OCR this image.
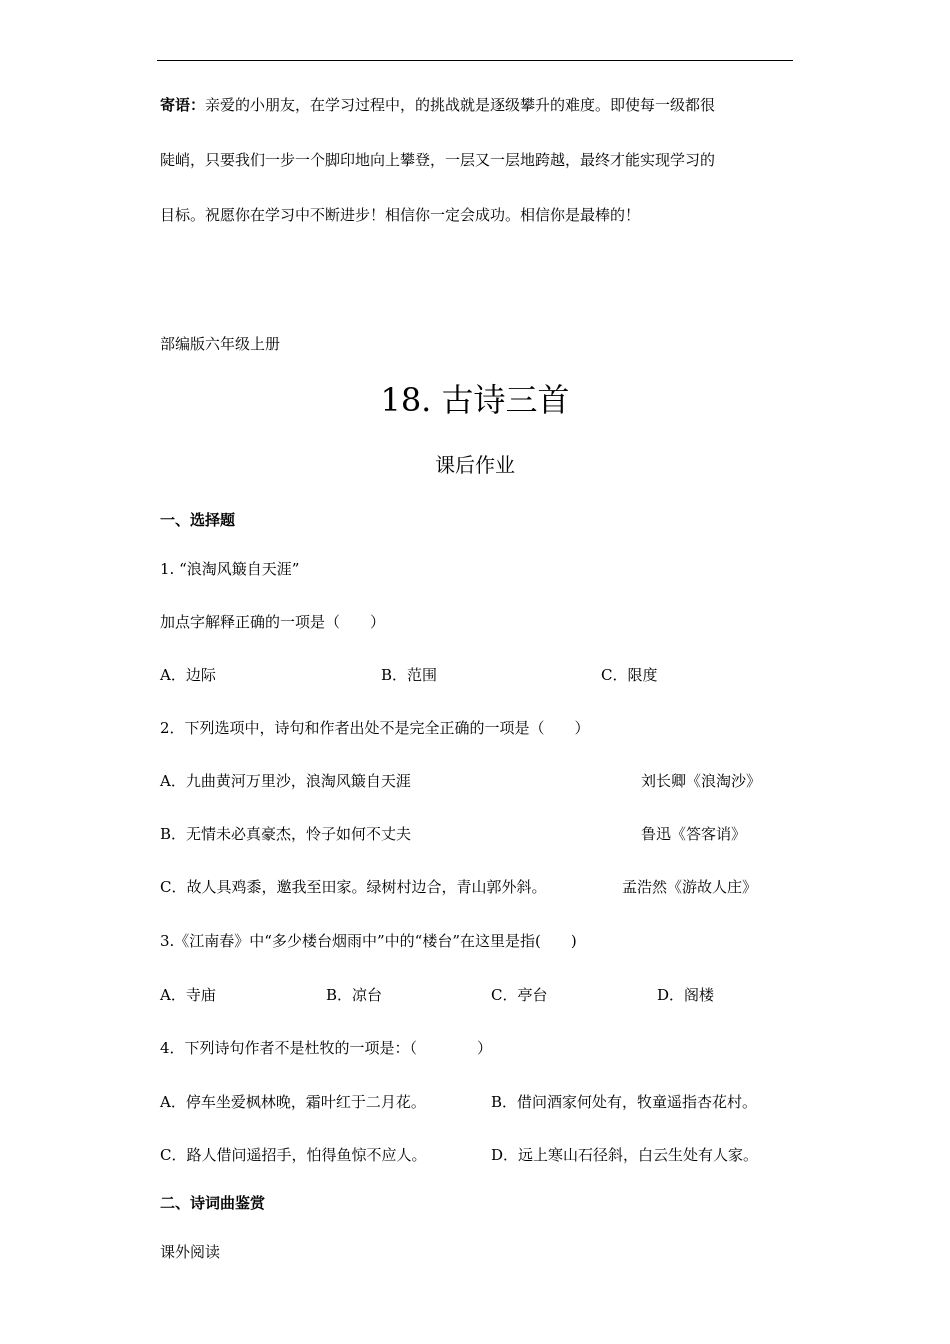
寄语：亲爱的小朋友，在学习过程中，的挑战就是逐级攀升的难度。即使每一级都很
陡峭，只要我们一步一个脚印地向上攀登，一层又一层地跨越，最终才能实现学习的
目标。祝愿你在学习中不断进步！相信你一定会成功。相信你是最棒的！
部编版六年级上册
18. 古诗三首
课后作业
一、选择题
1. “浪淘风簸自天涯”
加点字解释正确的一项是（　　）
A．边际	B．范围	C．限度
2．下列选项中，诗句和作者出处不是完全正确的一项是（　　）
A．九曲黄河万里沙，浪淘风簸自天涯	刘长卿《浪淘沙》
B．无情未必真豪杰，怜子如何不丈夫	鲁迅《答客诮》
C．故人具鸡黍，邀我至田家。绿树村边合，青山郭外斜。	孟浩然《游故人庄》
3.《江南春》中“多少楼台烟雨中”中的“楼台”在这里是指(　　)
A．寺庙	B．凉台	C．亭台	D．阁楼
4．下列诗句作者不是杜牧的一项是：（　　　　）
A．停车坐爱枫林晚，霜叶红于二月花。	B．借问酒家何处有，牧童遥指杏花村。
C．路人借问遥招手，怕得鱼惊不应人。	D．远上寒山石径斜，白云生处有人家。
二、诗词曲鉴赏
课外阅读
